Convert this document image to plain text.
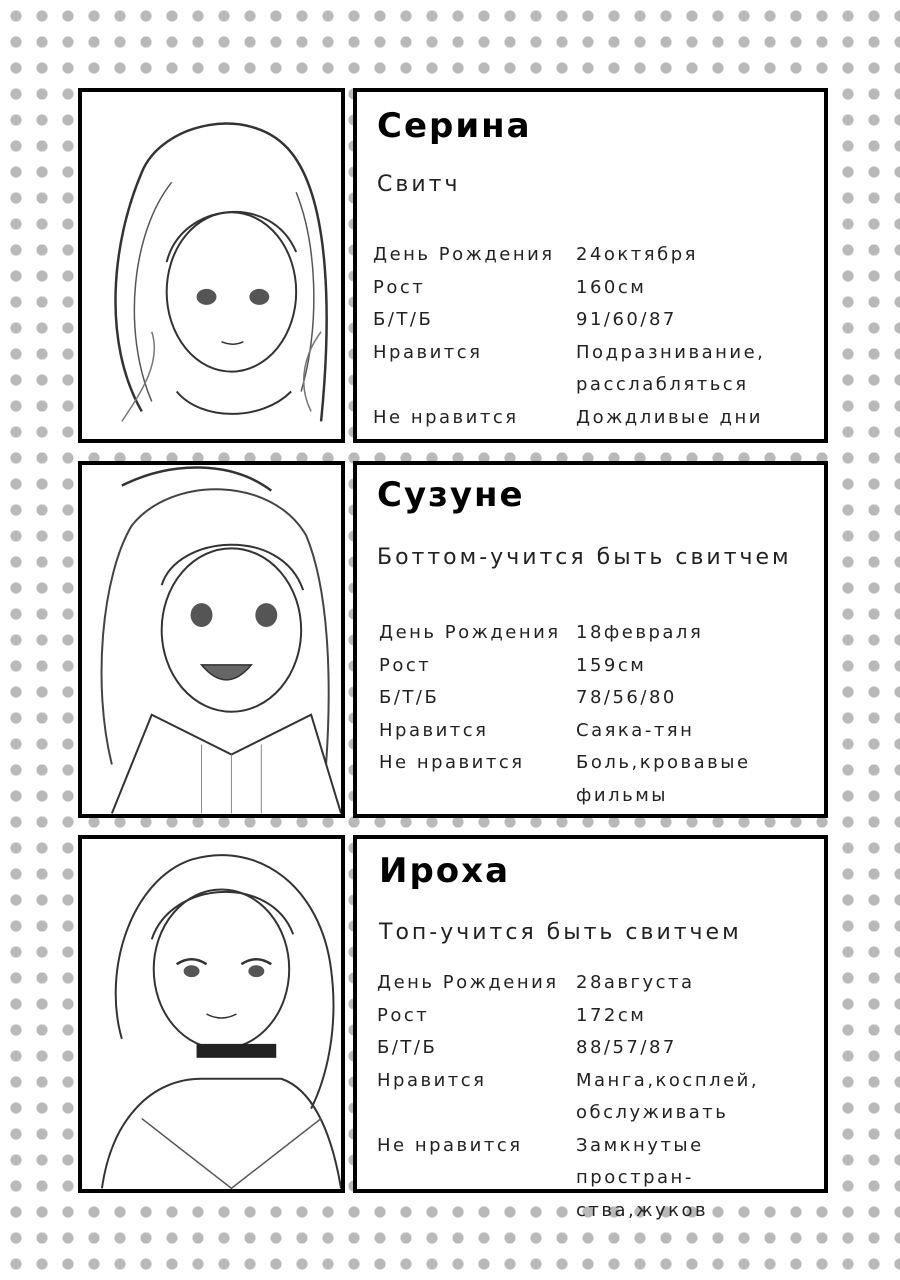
Серина
Свитч
День Рождения	24октября
Рост	160см
Б/Т/Б	91/60/87
Нравится	Подразнивание,
расслабляться
Не нравится	Дождливые дни
Сузуне
Боттом-учится быть свитчем
День Рождения 18февраля
Рост	159см
Б/Т/Б	78/56/80
Нравится	Саяка-тян
Не нравится	Боль,кровавые
фильмы
Ироха
Топ-учится быть свитчем
День Рождения 28августа
Рост	172см
Б/Т/Б	88/57/87
Нравится	Манга,косплей,
обслуживать
Не нравится	Замкнутые простран-
ства,жуков
